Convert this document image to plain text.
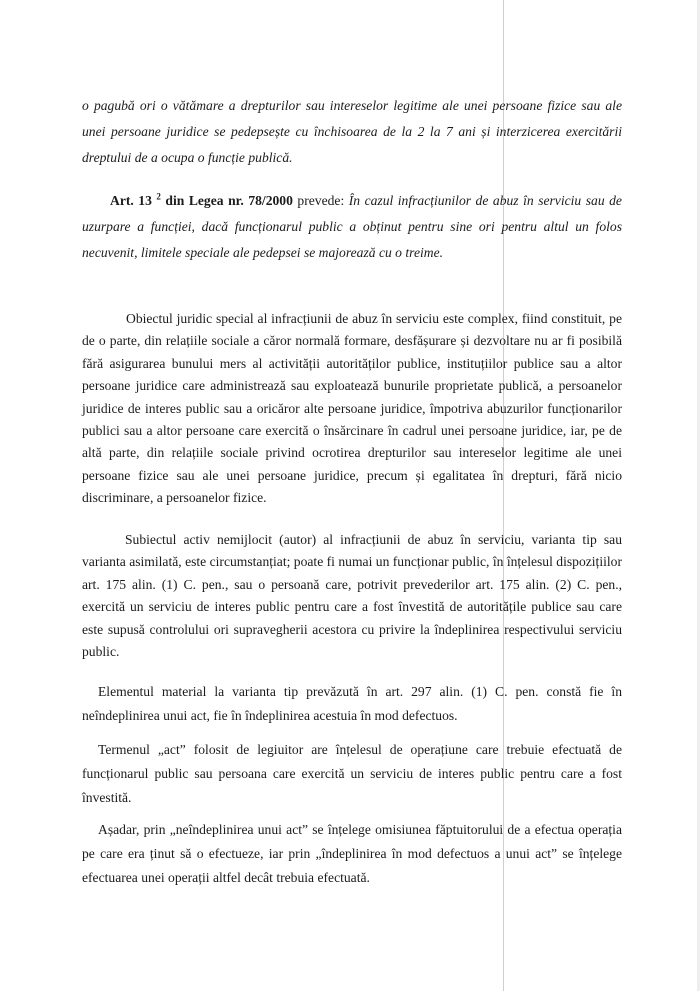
o pagubă ori o vătămare a drepturilor sau intereselor legitime ale unei persoane fizice sau ale unei persoane juridice se pedepsește cu închisoarea de la 2 la 7 ani și interzicerea exercitării dreptului de a ocupa o funcție publică.

Art. 13 $^2$ din Legea nr. 78/2000 prevede: În cazul infracțiunilor de abuz în serviciu sau de uzurpare a funcției, dacă funcționarul public a obținut pentru sine ori pentru altul un folos necuvenit, limitele speciale ale pedepsei se majorează cu o treime.

Obiectul juridic special al infracțiunii de abuz în serviciu este complex, fiind constituit, pe de o parte, din relațiile sociale a căror normală formare, desfășurare și dezvoltare nu ar fi posibilă fără asigurarea bunului mers al activității autorităților publice, instituțiilor publice sau a altor persoane juridice care administrează sau exploatează bunurile proprietate publică, a persoanelor juridice de interes public sau a oricăror alte persoane juridice, împotriva abuzurilor funcționarilor publici sau a altor persoane care exercită o însărcinare în cadrul unei persoane juridice, iar, pe de altă parte, din relațiile sociale privind ocrotirea drepturilor sau intereselor legitime ale unei persoane fizice sau ale unei persoane juridice, precum și egalitatea în drepturi, fără nicio discriminare, a persoanelor fizice.

Subiectul activ nemijlocit (autor) al infracțiunii de abuz în serviciu, varianta tip sau varianta asimilată, este circumstanțiat; poate fi numai un funcționar public, în înțelesul dispozițiilor art. 175 alin. (1) C. pen., sau o persoană care, potrivit prevederilor art. 175 alin. (2) C. pen., exercită un serviciu de interes public pentru care a fost învestită de autoritățile publice sau care este supusă controlului ori supravegherii acestora cu privire la îndeplinirea respectivului serviciu public.

Elementul material la varianta tip prevăzută în art. 297 alin. (1) C. pen. constă fie în neîndeplinirea unui act, fie în îndeplinirea acestuia în mod defectuos.

Termenul „act” folosit de legiuitor are înțelesul de operațiune care trebuie efectuată de funcționarul public sau persoana care exercită un serviciu de interes public pentru care a fost învestită.

Așadar, prin „neîndeplinirea unui act” se înțelege omisiunea făptuitorului de a efectua operația pe care era ținut să o efectueze, iar prin „îndeplinirea în mod defectuos a unui act” se înțelege efectuarea unei operații altfel decât trebuia efectuată.
